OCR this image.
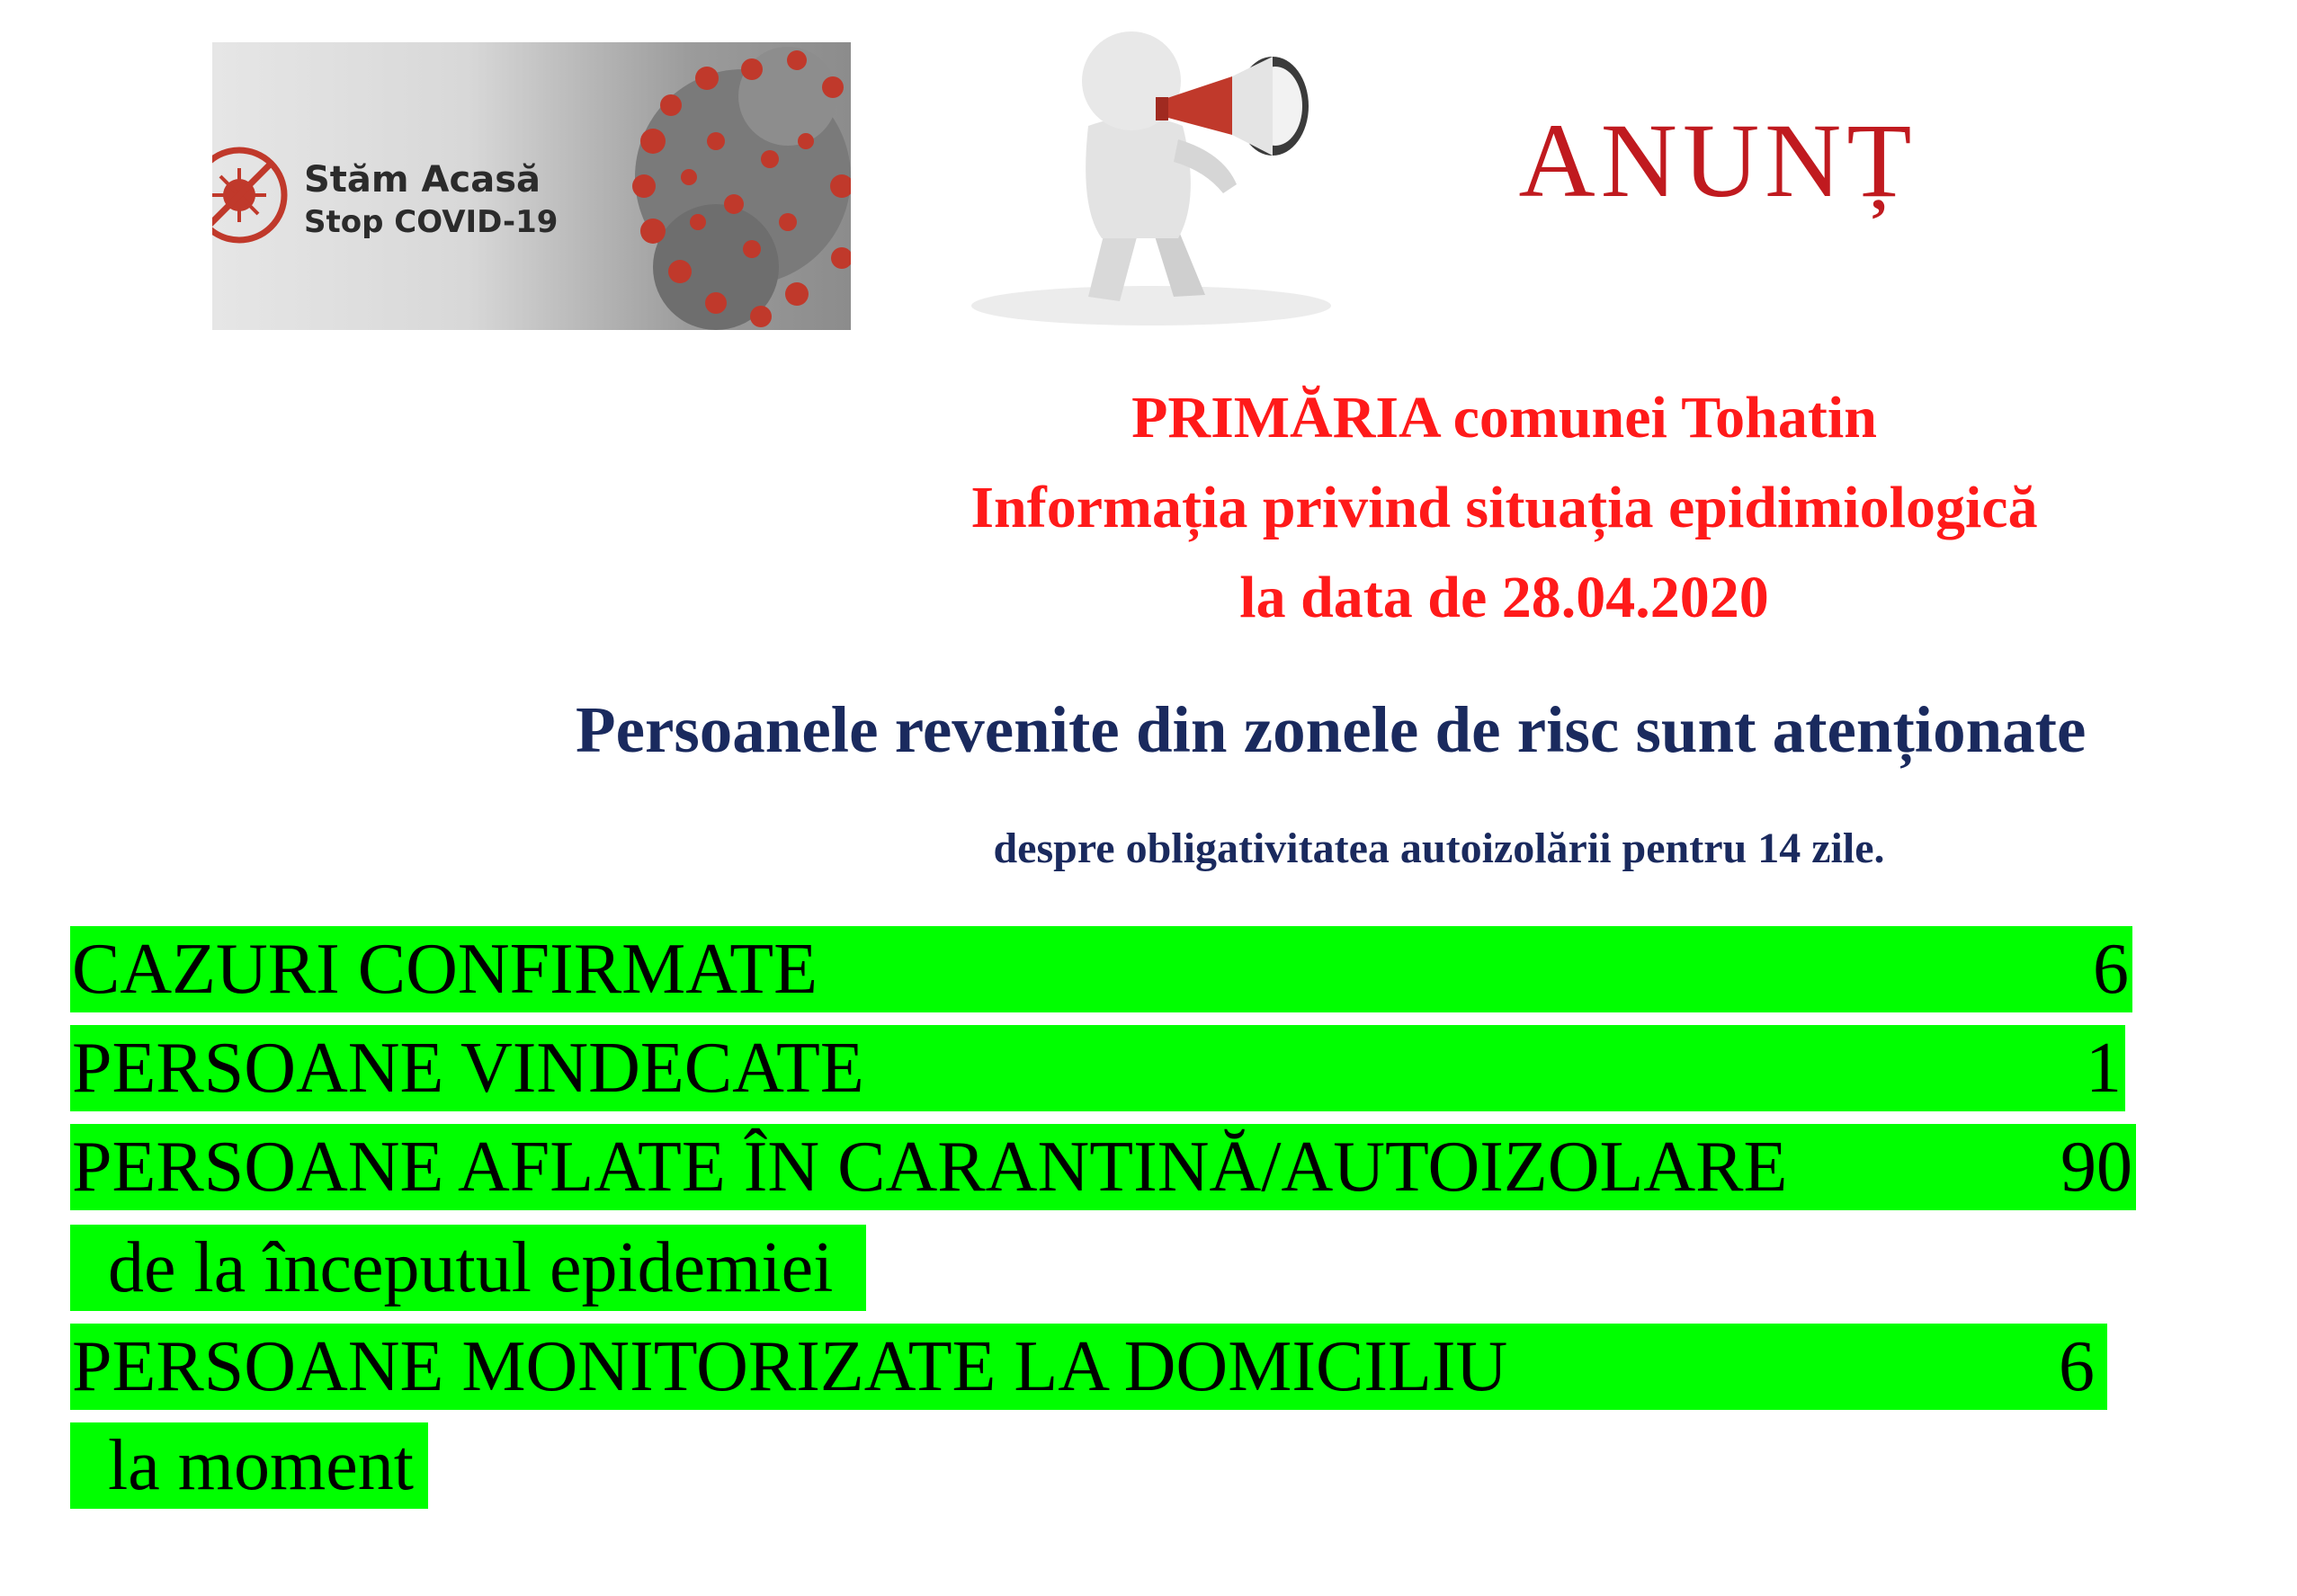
Stăm Acasă
Stop COVID-19
ANUNȚ
PRIMĂRIA comunei Tohatin
Informația privind situația epidimiologică
la data de 28.04.2020
Persoanele revenite din zonele de risc sunt atenționate
despre obligativitatea autoizolării pentru 14 zile.
CAZURI CONFIRMATE	6
PERSOANE VINDECATE	1
PERSOANE AFLATE ÎN CARANTINĂ/AUTOIZOLARE	90
de la începutul epidemiei
PERSOANE MONITORIZATE LA DOMICILIU	6
la moment
